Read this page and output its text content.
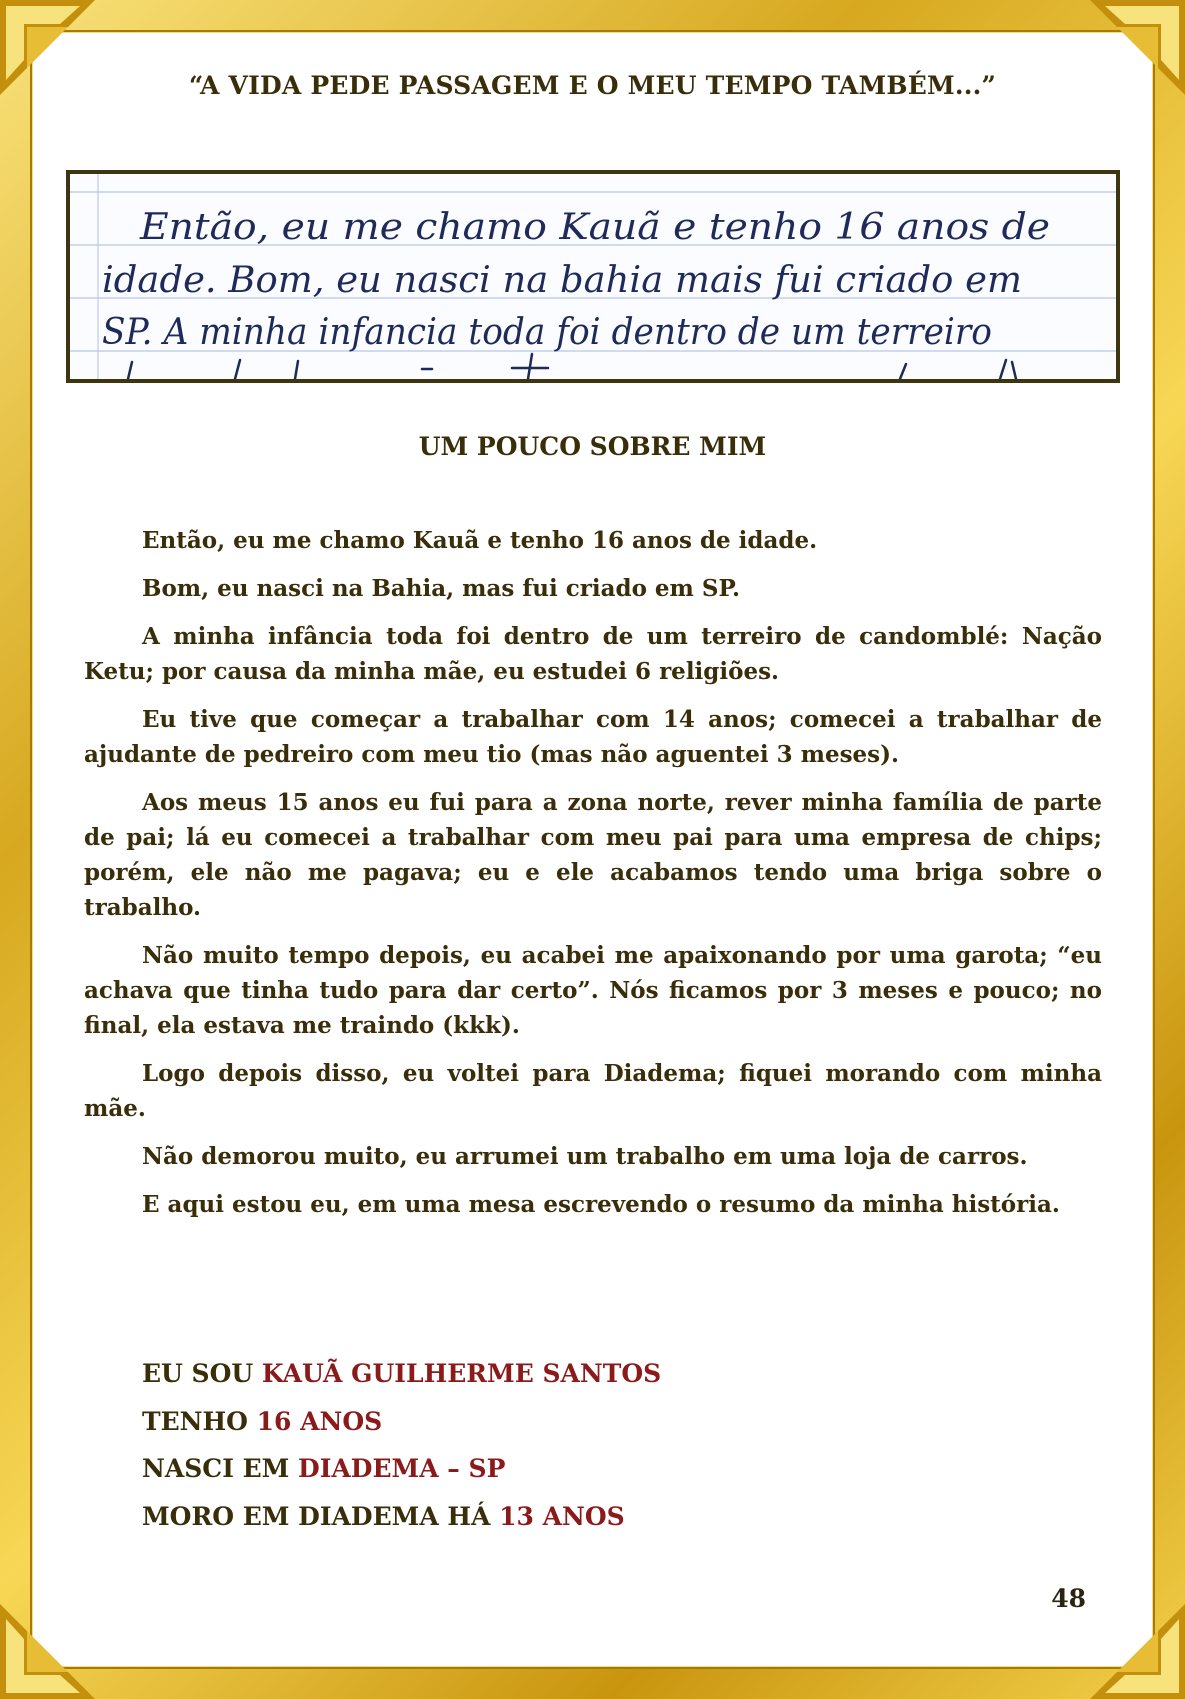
“A VIDA PEDE PASSAGEM E O MEU TEMPO TAMBÉM...”
Então, eu me chamo Kauã e tenho 16 anos de
idade. Bom, eu nasci na bahia mais fui criado em
SP. A minha infancia toda foi dentro de um terreiro
UM POUCO SOBRE MIM

Então, eu me chamo Kauã e tenho 16 anos de idade.

Bom, eu nasci na Bahia, mas fui criado em SP.

A minha infância toda foi dentro de um terreiro de candomblé: Nação Ketu; por causa da minha mãe, eu estudei 6 religiões.

Eu tive que começar a trabalhar com 14 anos; comecei a trabalhar de ajudante de pedreiro com meu tio (mas não aguentei 3 meses).

Aos meus 15 anos eu fui para a zona norte, rever minha família de parte de pai; lá eu comecei a trabalhar com meu pai para uma empresa de chips; porém, ele não me pagava; eu e ele acabamos tendo uma briga sobre o trabalho.

Não muito tempo depois, eu acabei me apaixonando por uma garota; “eu achava que tinha tudo para dar certo”. Nós ficamos por 3 meses e pouco; no final, ela estava me traindo (kkk).

Logo depois disso, eu voltei para Diadema; fiquei morando com minha mãe.

Não demorou muito, eu arrumei um trabalho em uma loja de carros.

E aqui estou eu, em uma mesa escrevendo o resumo da minha história.

EU SOU KAUÃ GUILHERME SANTOS
TENHO 16 ANOS
NASCI EM DIADEMA – SP
MORO EM DIADEMA HÁ 13 ANOS
48
